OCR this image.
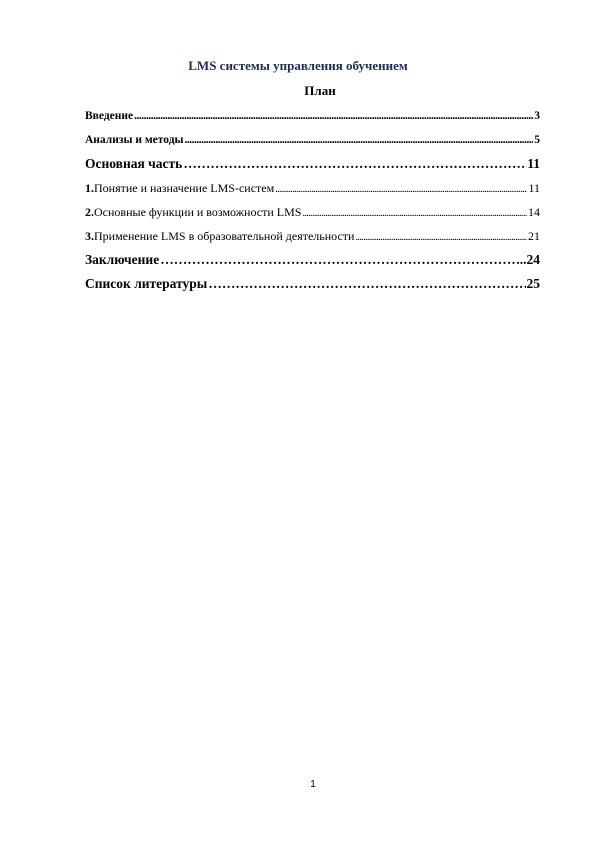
LMS системы управления обучением
План
Введение .....	3
Анализы и методы .....	5
Основная часть …………………………………………………………………………………………………………………………………………………………………………………………………………	11
1.Понятие и назначение LMS-систем .....	11
2.Основные функции и возможности LMS .....	14
3.Применение LMS в образовательной деятельности .....	21
Заключение …………………………………………………………………………………………………………………………………………………………………………………………………………	..24
Список литературы …………………………………………………………………………………………………………………………………………………………………………………………………………	25
1
